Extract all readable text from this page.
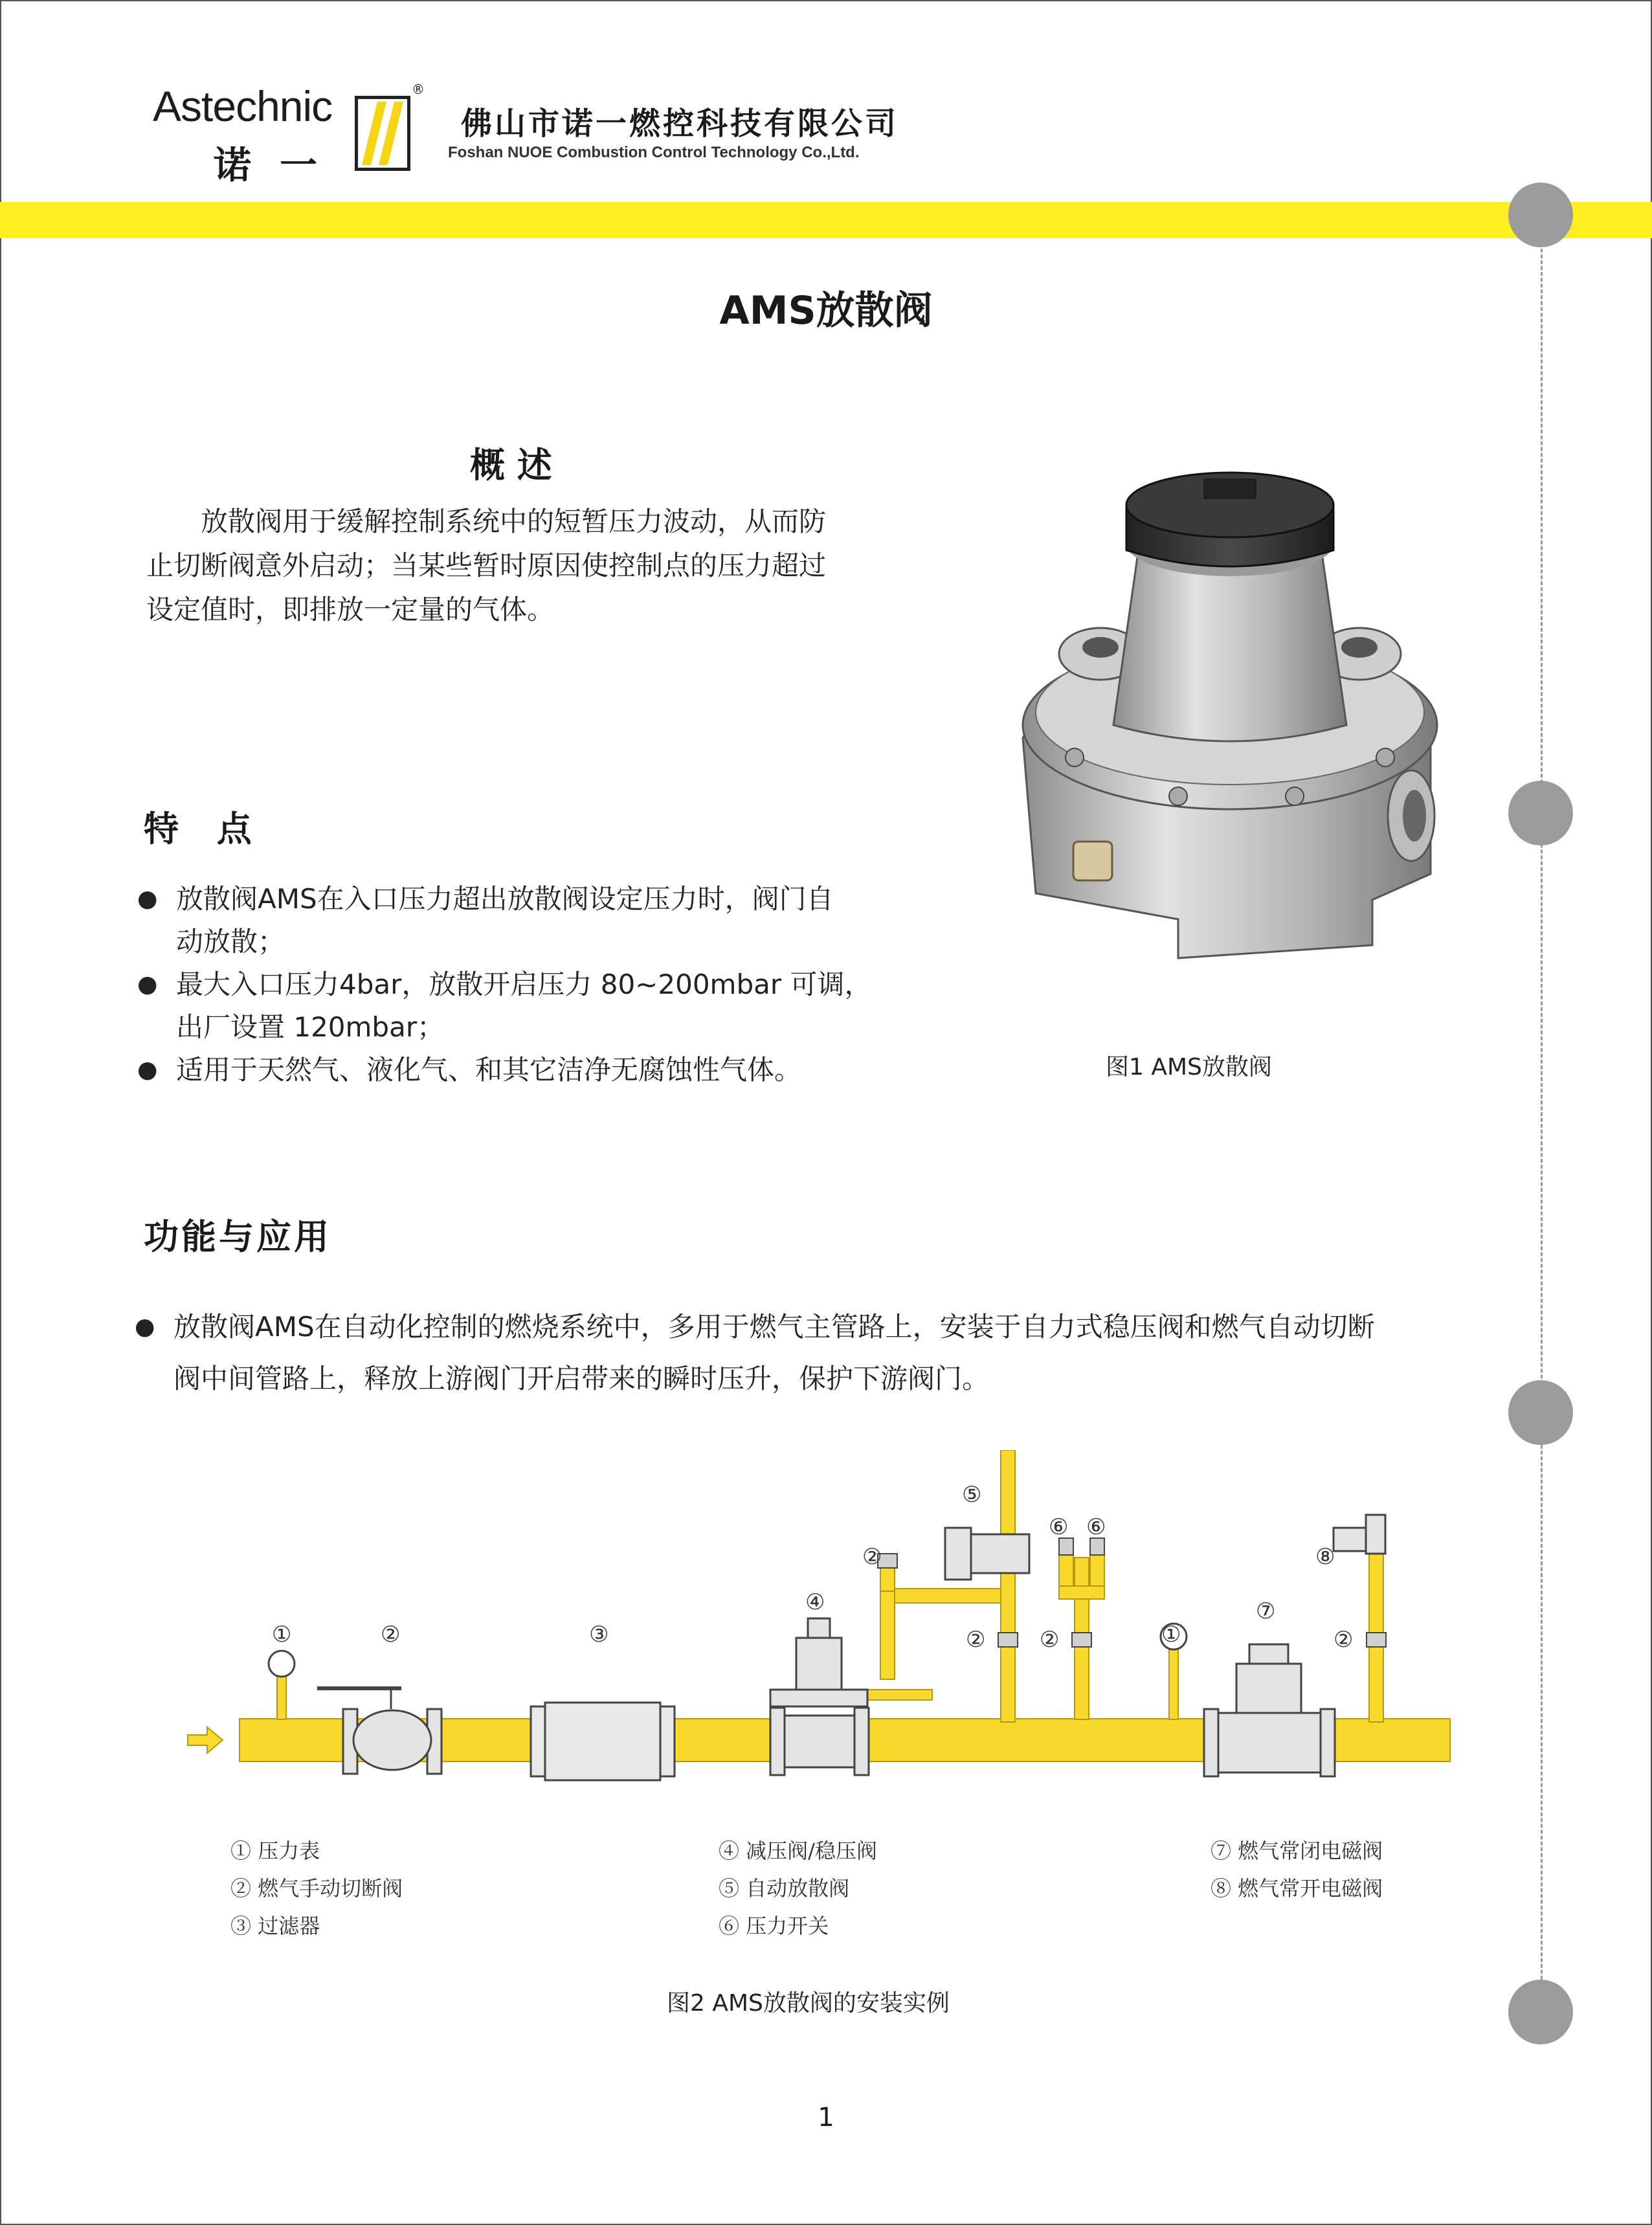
Astechnic
诺一
®
佛山市诺一燃控科技有限公司
Foshan NUOE Combustion Control Technology Co.,Ltd.
AMS放散阀
概 述
放散阀用于缓解控制系统中的短暂压力波动，从而防
止切断阀意外启动；当某些暂时原因使控制点的压力超过
设定值时，即排放一定量的气体。
特 点
● 放散阀AMS在入口压力超出放散阀设定压力时，阀门自
动放散；
● 最大入口压力4bar，放散开启压力 80~200mbar 可调，
出厂设置 120mbar；
● 适用于天然气、液化气、和其它洁净无腐蚀性气体。	图1 AMS放散阀
功能与应用
● 放散阀AMS在自动化控制的燃烧系统中，多用于燃气主管路上，安装于自力式稳压阀和燃气自动切断
阀中间管路上，释放上游阀门开启带来的瞬时压升，保护下游阀门。
①	②	③
④
②
⑤
②
⑥ ⑥
②	①
⑦
⑧
②
① 压力表
② 燃气手动切断阀
③ 过滤器
④ 减压阀/稳压阀
⑤ 自动放散阀
⑥ 压力开关
⑦ 燃气常闭电磁阀
⑧ 燃气常开电磁阀
图2 AMS放散阀的安装实例
1
